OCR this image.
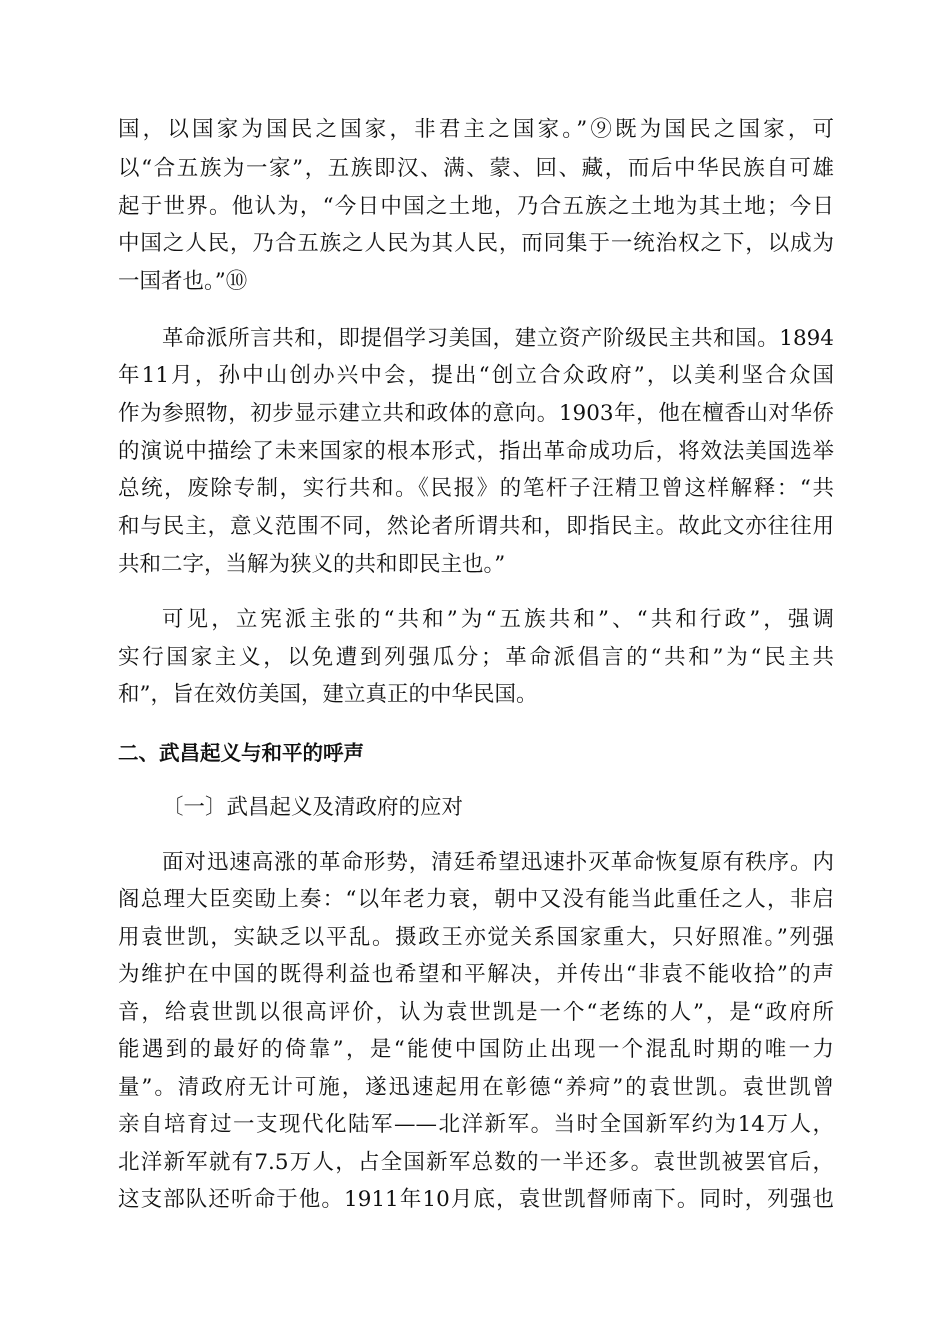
国，以国家为国民之国家，非君主之国家。”⑨既为国民之国家，可
以“合五族为一家”，五族即汉、满、蒙、回、藏，而后中华民族自可雄
起于世界。他认为，“今日中国之土地，乃合五族之土地为其土地；今日
中国之人民，乃合五族之人民为其人民，而同集于一统治权之下，以成为
一国者也。”⑩
革命派所言共和，即提倡学习美国，建立资产阶级民主共和国。1894
年11月，孙中山创办兴中会，提出“创立合众政府”，以美利坚合众国
作为参照物，初步显示建立共和政体的意向。1903年，他在檀香山对华侨
的演说中描绘了未来国家的根本形式，指出革命成功后，将效法美国选举
总统，废除专制，实行共和。《民报》的笔杆子汪精卫曾这样解释：“共
和与民主，意义范围不同，然论者所谓共和，即指民主。故此文亦往往用
共和二字，当解为狭义的共和即民主也。”
可见，立宪派主张的“共和”为“五族共和”、“共和行政”，强调
实行国家主义，以免遭到列强瓜分；革命派倡言的“共和”为“民主共
和”，旨在效仿美国，建立真正的中华民国。
二、武昌起义与和平的呼声
〔一〕武昌起义及清政府的应对
面对迅速高涨的革命形势，清廷希望迅速扑灭革命恢复原有秩序。内
阁总理大臣奕劻上奏：“以年老力衰，朝中又没有能当此重任之人，非启
用袁世凯，实缺乏以平乱。摄政王亦觉关系国家重大，只好照准。”列强
为维护在中国的既得利益也希望和平解决，并传出“非袁不能收拾”的声
音，给袁世凯以很高评价，认为袁世凯是一个“老练的人”，是“政府所
能遇到的最好的倚靠”，是“能使中国防止出现一个混乱时期的唯一力
量”。清政府无计可施，遂迅速起用在彰德“养疴”的袁世凯。袁世凯曾
亲自培育过一支现代化陆军——北洋新军。当时全国新军约为14万人，
北洋新军就有7.5万人，占全国新军总数的一半还多。袁世凯被罢官后，
这支部队还听命于他。1911年10月底，袁世凯督师南下。同时，列强也
